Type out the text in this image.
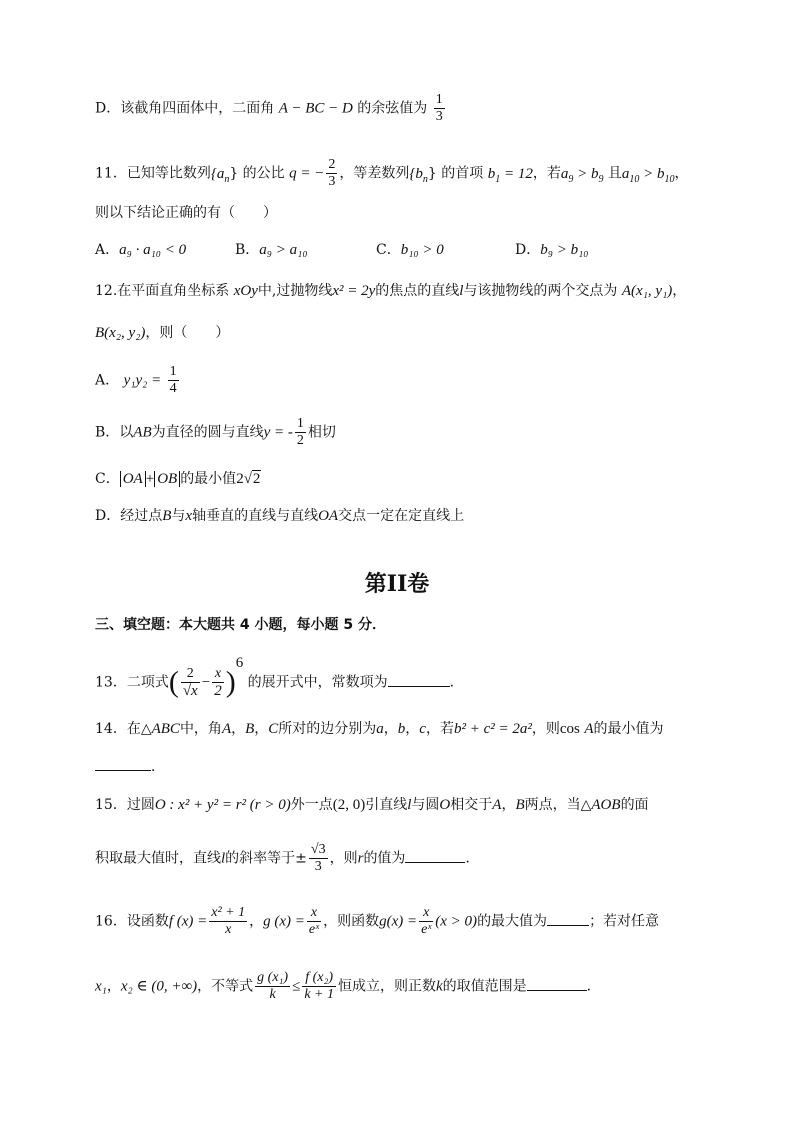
D．该截角四面体中，二面角 A − BC − D 的余弦值为 $\frac{1}{3}$
11．已知等比数列$\{a_n\}$ 的公比 q = − $\frac{2}{3}$ ，等差数列$\{b_n\}$ 的首项 $b_1 = 12$，若$a_9 > b_9$ 且$a_{10} > b_{10}$，
则以下结论正确的有（　　）
A．a₉ · a₁₀ < 0	B．a₉ > a₁₀	C．b₁₀ > 0	D．b₉ > b₁₀
12.在平面直角坐标系 xOy中,过抛物线x² = 2y的焦点的直线l与该抛物线的两个交点为 A(x₁, y₁)，
B(x₂, y₂)，则（　　）
A． $y_1y_2 = \frac{1}{4}$
B．以AB为直径的圆与直线y = - $\frac{1}{2}$ 相切
C． OA + OB 的最小值2√2
D．经过点B与x轴垂直的直线与直线OA交点一定在定直线上
第II卷
三、填空题：本大题共 4 小题，每小题 5 分．
13．二项式( $\frac{2}{√x} - \frac{x}{2} )^6$ 的展开式中，常数项为	．
14．在△ABC中，角A，B，C所对的边分别为a，b，c，若b² + c² = 2a²，则cos A的最小值为
．
15．过圆O : x² + y² = r² (r > 0)外一点(2, 0)引直线l与圆O相交于A，B两点，当△AOB的面
积取最大值时，直线l的斜率等于± $\frac{√3}{3}$ ，则r的值为	．
16．设函数f $(x) = \frac{\text{x² + 1}}{x}$ ，g $(x) = \frac{x}{\text{eˣ}}$ ，则函数$g(x) = \frac{x}{\text{eˣ}} (x > 0)$的最大值为	；若对任意
x₁，x₂ ∈ (0, +∞)，不等式 $\frac{\text{g (x₁)}}{k} \le \frac{\text{f (x₂)}}{k + 1}$ 恒成立，则正数k的取值范围是	．
